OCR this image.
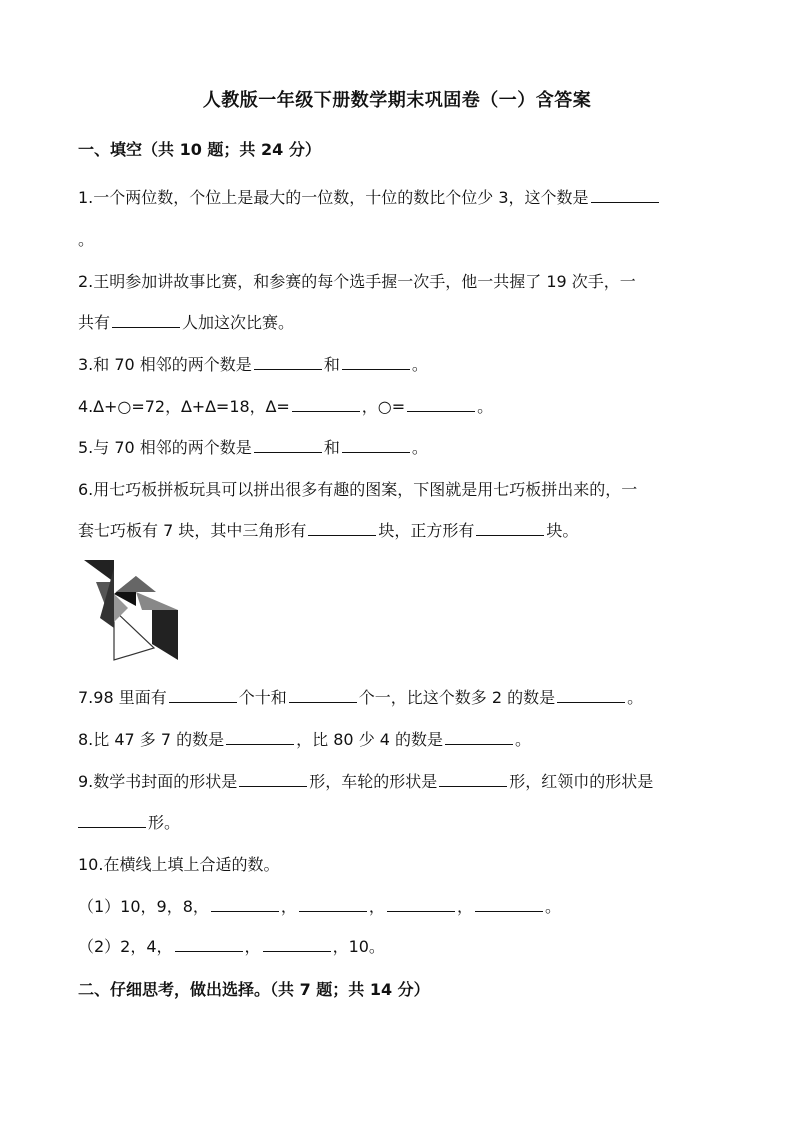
人教版一年级下册数学期末巩固卷（一）含答案
一、填空（共 10 题；共 24 分）
1.一个两位数，个位上是最大的一位数，十位的数比个位少 3，这个数是
。
2.王明参加讲故事比赛，和参赛的每个选手握一次手，他一共握了 19 次手，一
共有	人加这次比赛。
3.和 70 相邻的两个数是	和	。
4.∆+○=72，∆+∆=18，∆=	，○=	。
5.与 70 相邻的两个数是	和	。
6.用七巧板拼板玩具可以拼出很多有趣的图案，下图就是用七巧板拼出来的，一
套七巧板有 7 块，其中三角形有	块，正方形有	块。
7.98 里面有	个十和	个一，比这个数多 2 的数是	。
8.比 47 多 7 的数是	，比 80 少 4 的数是	。
9.数学书封面的形状是	形，车轮的形状是	形，红领巾的形状是
形。
10.在横线上填上合适的数。
（1）10，9，8，	，	，	，	。
（2）2，4，	，	，10。
二、仔细思考，做出选择。（共 7 题；共 14 分）
